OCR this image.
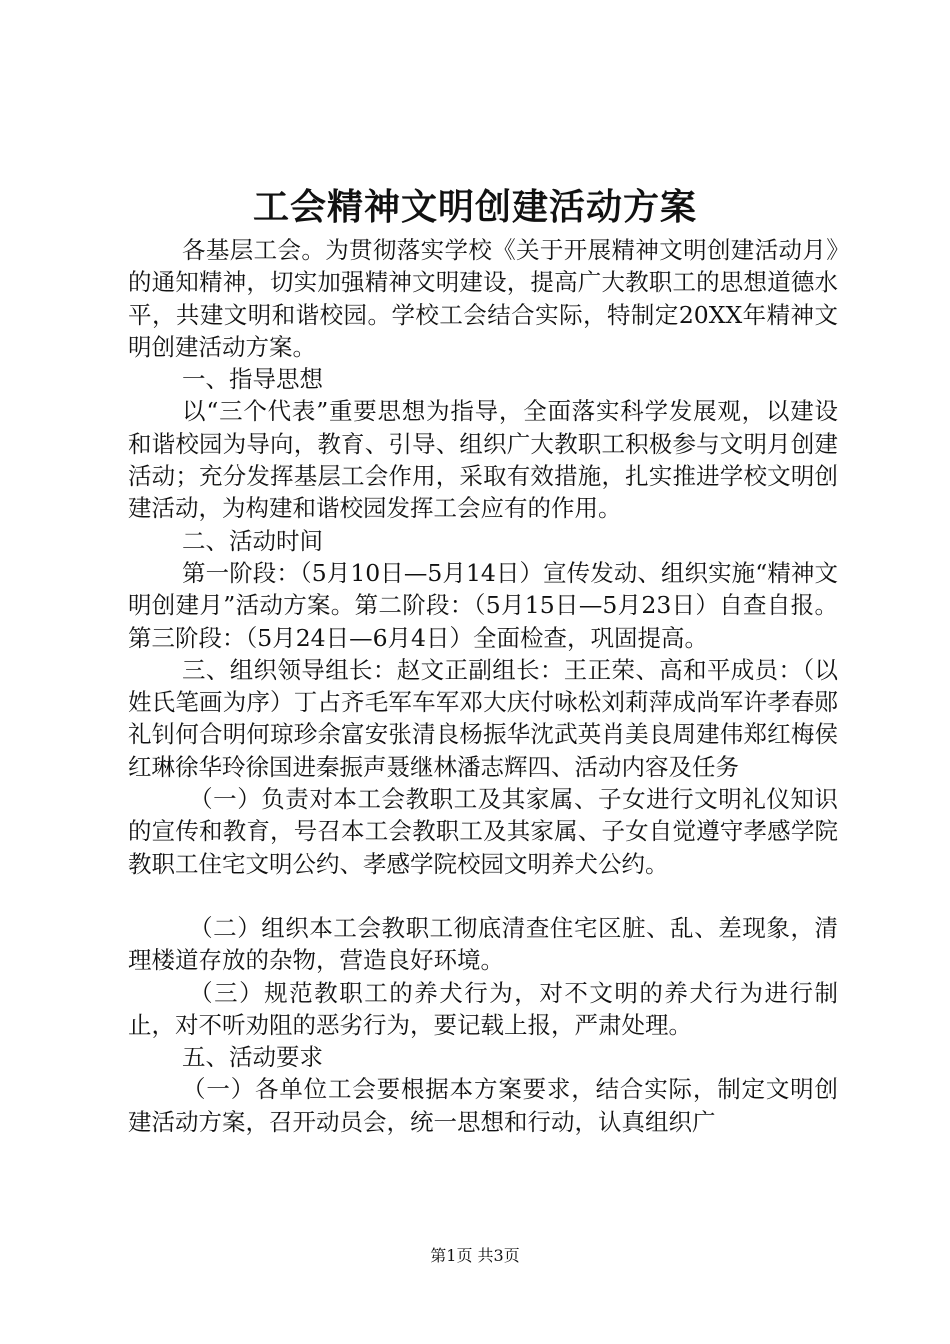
工会精神文明创建活动方案

各基层工会。为贯彻落实学校《关于开展精神文明创建活动月》的通知精神，切实加强精神文明建设，提高广大教职工的思想道德水平，共建文明和谐校园。学校工会结合实际，特制定20XX年精神文明创建活动方案。

一、指导思想

以“三个代表”重要思想为指导，全面落实科学发展观，以建设和谐校园为导向，教育、引导、组织广大教职工积极参与文明月创建活动；充分发挥基层工会作用，采取有效措施，扎实推进学校文明创建活动，为构建和谐校园发挥工会应有的作用。

二、活动时间

第一阶段：（5月10日—5月14日）宣传发动、组织实施“精神文明创建月”活动方案。第二阶段：（5月15日—5月23日）自查自报。第三阶段：（5月24日—6月4日）全面检查，巩固提高。

三、组织领导组长：赵文正副组长：王正荣、高和平成员：（以姓氏笔画为序）丁占齐毛军车军邓大庆付咏松刘莉萍成尚军许孝春郧礼钊何合明何琼珍余富安张清良杨振华沈武英肖美良周建伟郑红梅侯红琳徐华玲徐国进秦振声聂继林潘志辉四、活动内容及任务

（一）负责对本工会教职工及其家属、子女进行文明礼仪知识的宣传和教育，号召本工会教职工及其家属、子女自觉遵守孝感学院教职工住宅文明公约、孝感学院校园文明养犬公约。

（二）组织本工会教职工彻底清查住宅区脏、乱、差现象，清理楼道存放的杂物，营造良好环境。

（三）规范教职工的养犬行为，对不文明的养犬行为进行制止，对不听劝阻的恶劣行为，要记载上报，严肃处理。

五、活动要求

（一）各单位工会要根据本方案要求，结合实际，制定文明创建活动方案，召开动员会，统一思想和行动，认真组织广

第1页 共3页
